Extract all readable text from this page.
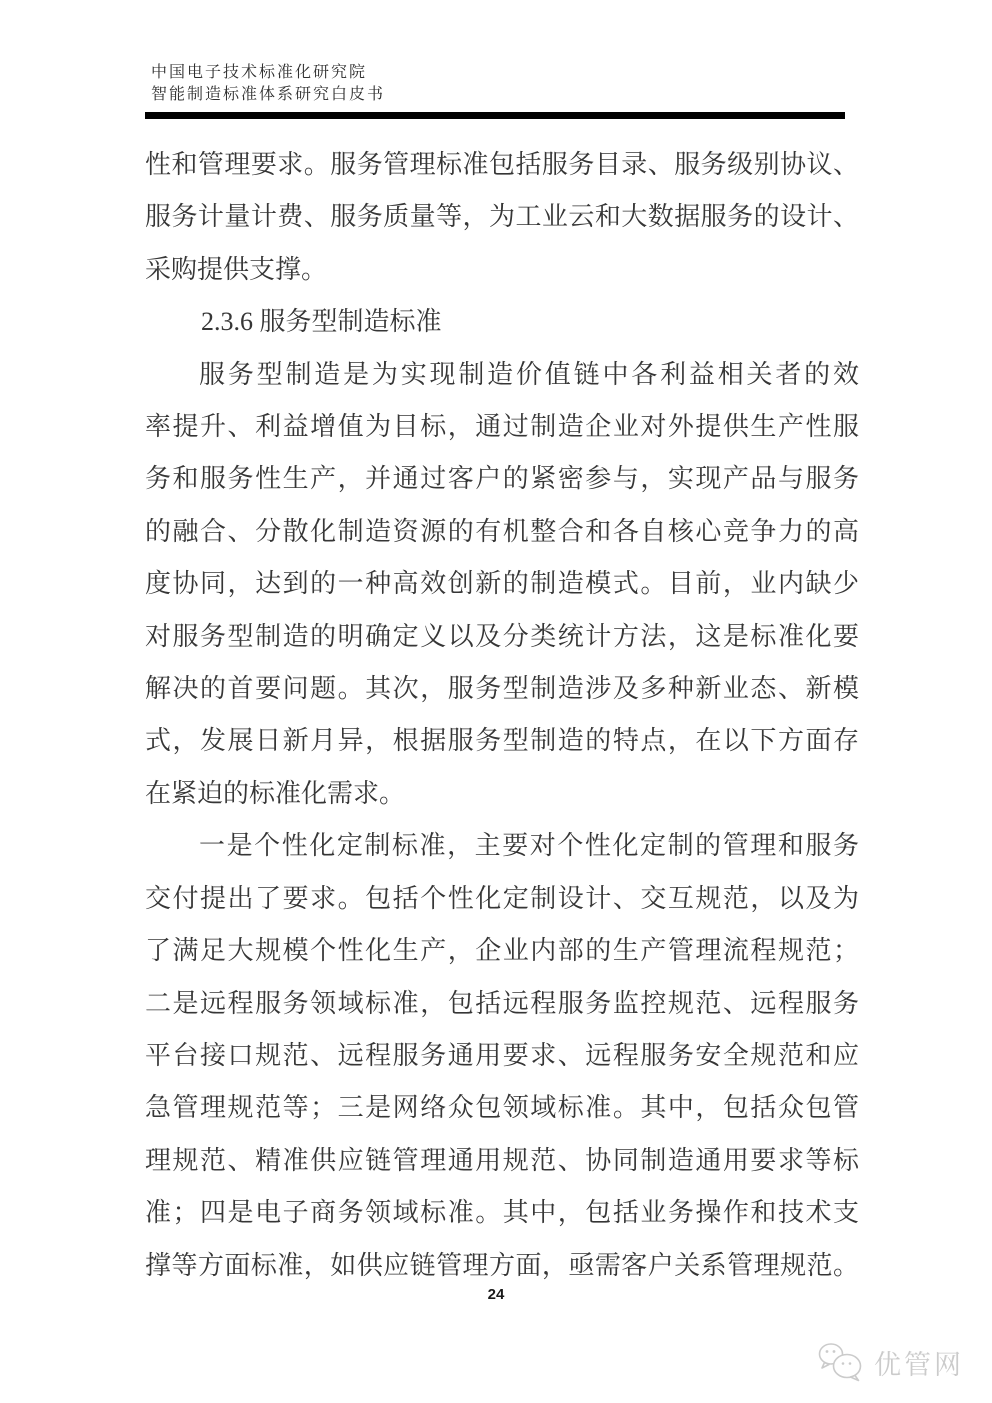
中国电子技术标准化研究院
智能制造标准体系研究白皮书
性和管理要求。服务管理标准包括服务目录、服务级别协议、
服务计量计费、服务质量等，为工业云和大数据服务的设计、
采购提供支撑。
2.3.6 服务型制造标准
服务型制造是为实现制造价值链中各利益相关者的效
率提升、利益增值为目标，通过制造企业对外提供生产性服
务和服务性生产，并通过客户的紧密参与，实现产品与服务
的融合、分散化制造资源的有机整合和各自核心竞争力的高
度协同，达到的一种高效创新的制造模式。目前，业内缺少
对服务型制造的明确定义以及分类统计方法，这是标准化要
解决的首要问题。其次，服务型制造涉及多种新业态、新模
式，发展日新月异，根据服务型制造的特点，在以下方面存
在紧迫的标准化需求。
一是个性化定制标准，主要对个性化定制的管理和服务
交付提出了要求。包括个性化定制设计、交互规范，以及为
了满足大规模个性化生产，企业内部的生产管理流程规范；
二是远程服务领域标准，包括远程服务监控规范、远程服务
平台接口规范、远程服务通用要求、远程服务安全规范和应
急管理规范等；三是网络众包领域标准。其中，包括众包管
理规范、精准供应链管理通用规范、协同制造通用要求等标
准；四是电子商务领域标准。其中，包括业务操作和技术支
撑等方面标准，如供应链管理方面，亟需客户关系管理规范。
24
优管网
